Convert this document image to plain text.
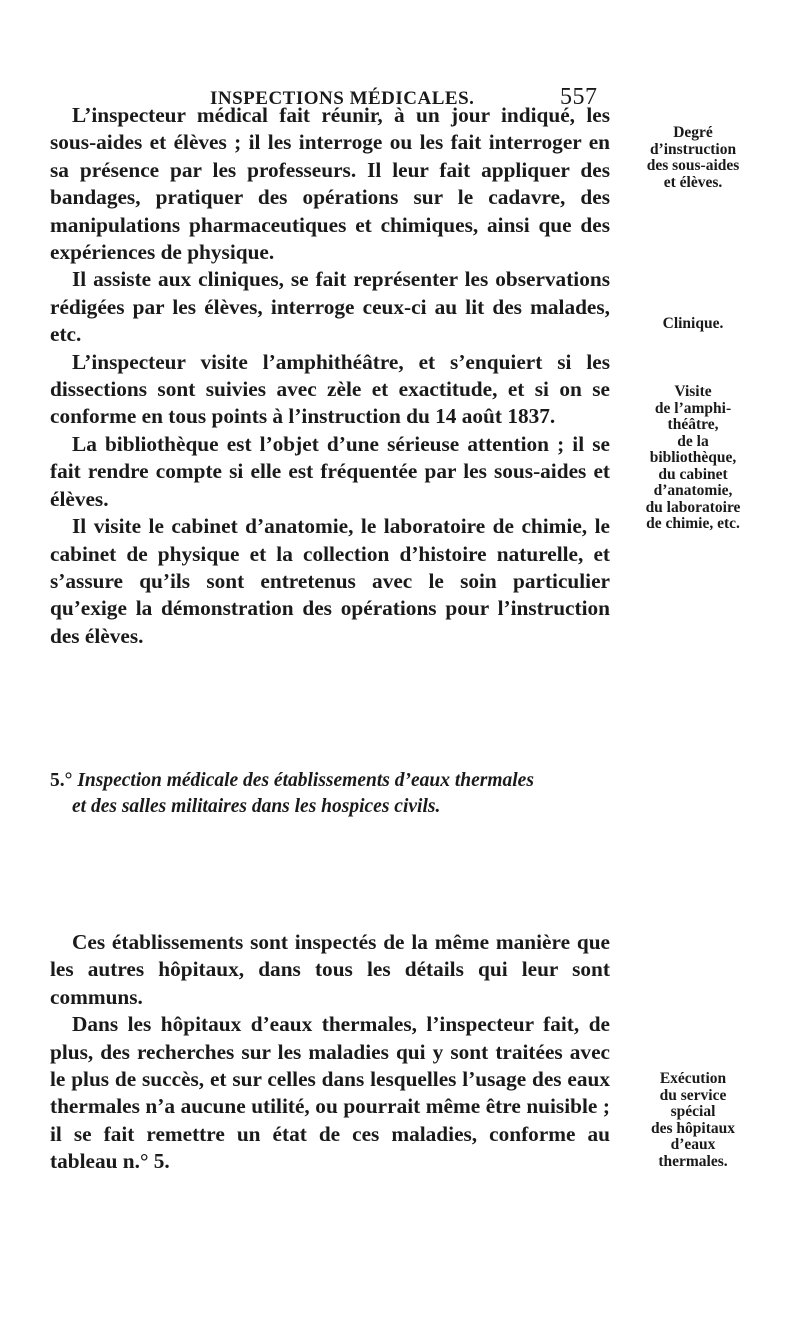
INSPECTIONS MÉDICALES.	557

L’inspecteur médical fait réunir, à un jour indiqué, les sous-aides et élèves ; il les interroge ou les fait interroger en sa présence par les professeurs. Il leur fait appliquer des bandages, pratiquer des opérations sur le cadavre, des manipulations pharmaceutiques et chimiques, ainsi que des expériences de physique.

Il assiste aux cliniques, se fait représenter les observations rédigées par les élèves, interroge ceux-ci au lit des malades, etc.

L’inspecteur visite l’amphithéâtre, et s’enquiert si les dissections sont suivies avec zèle et exactitude, et si on se conforme en tous points à l’instruction du 14 août 1837.

La bibliothèque est l’objet d’une sérieuse attention ; il se fait rendre compte si elle est fréquentée par les sous-aides et élèves.

Il visite le cabinet d’anatomie, le laboratoire de chimie, le cabinet de physique et la collection d’histoire naturelle, et s’assure qu’ils sont entretenus avec le soin particulier qu’exige la démonstration des opérations pour l’instruction des élèves.

5.° Inspection médicale des établissements d’eaux thermales
et des salles militaires dans les hospices civils.

Ces établissements sont inspectés de la même manière que les autres hôpitaux, dans tous les détails qui leur sont communs.

Dans les hôpitaux d’eaux thermales, l’inspecteur fait, de plus, des recherches sur les maladies qui y sont traitées avec le plus de succès, et sur celles dans lesquelles l’usage des eaux thermales n’a aucune utilité, ou pourrait même être nuisible ; il se fait remettre un état de ces maladies, conforme au tableau n.° 5.

Degré
d’instruction
des sous-aides
et élèves.
Clinique.
Visite
de l’amphi-
théâtre,
de la
bibliothèque,
du cabinet
d’anatomie,
du laboratoire
de chimie, etc.
Exécution
du service
spécial
des hôpitaux
d’eaux
thermales.
